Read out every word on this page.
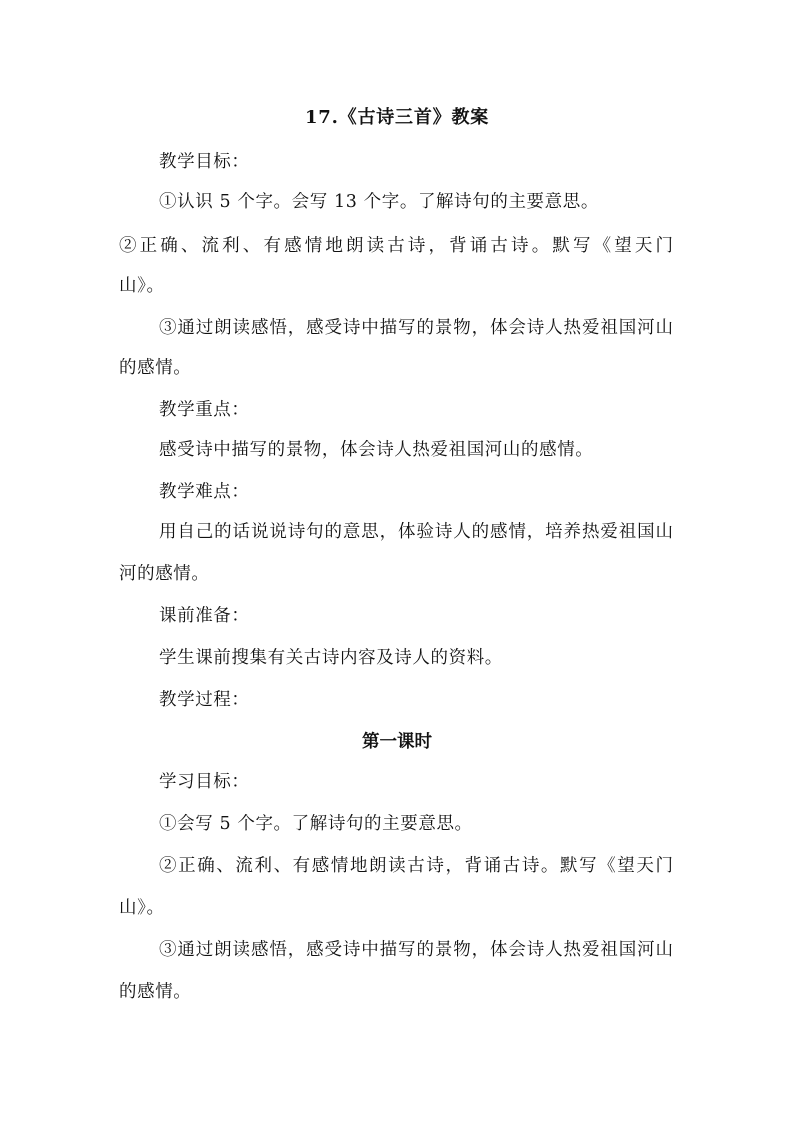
17.《古诗三首》教案
教学目标：
①认识 5 个字。会写 13 个字。了解诗句的主要意思。
②正确、流利、有感情地朗读古诗，背诵古诗。默写《望天门
山》。
③通过朗读感悟，感受诗中描写的景物，体会诗人热爱祖国河山
的感情。
教学重点：
感受诗中描写的景物，体会诗人热爱祖国河山的感情。
教学难点：
用自己的话说说诗句的意思，体验诗人的感情，培养热爱祖国山
河的感情。
课前准备：
学生课前搜集有关古诗内容及诗人的资料。
教学过程：
第一课时
学习目标：
①会写 5 个字。了解诗句的主要意思。
②正确、流利、有感情地朗读古诗，背诵古诗。默写《望天门
山》。
③通过朗读感悟，感受诗中描写的景物，体会诗人热爱祖国河山
的感情。
